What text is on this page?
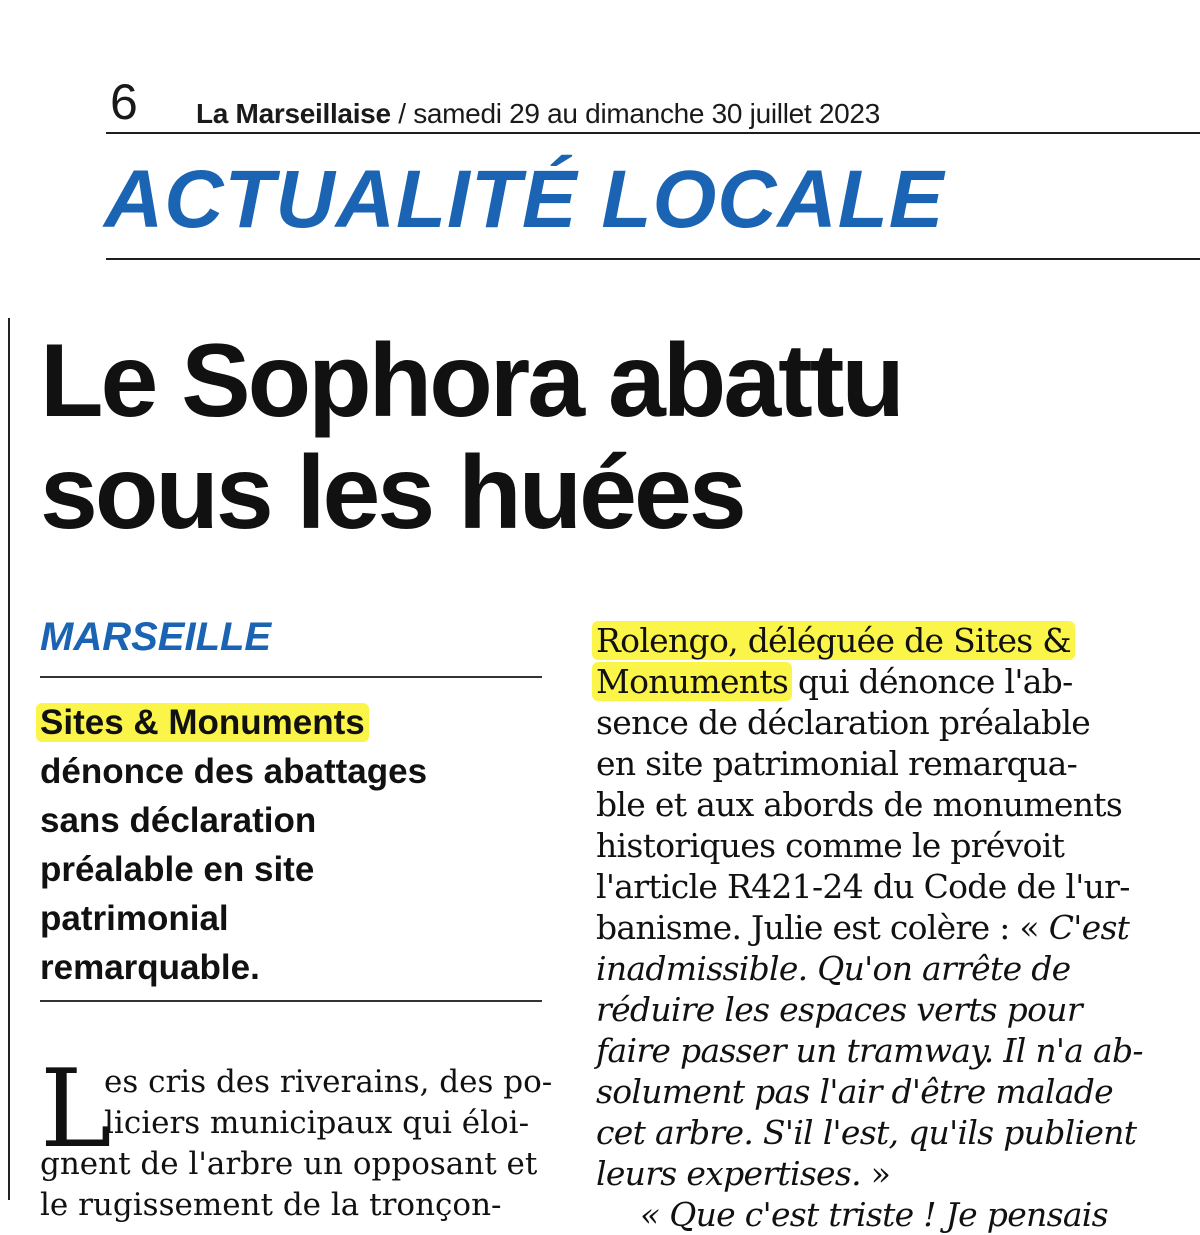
6 La Marseillaise / samedi 29 au dimanche 30 juillet 2023
ACTUALITÉ LOCALE
Le Sophora abattu
sous les huées
MARSEILLE
Sites & Monuments
dénonce des abattages
sans déclaration
préalable en site
patrimonial
remarquable.
L
es cris des riverains, des po-
liciers municipaux qui éloi-
gnent de l'arbre un opposant et
le rugissement de la tronçon-
Rolengo, déléguée de Sites &
Monuments qui dénonce l'ab-
sence de déclaration préalable
en site patrimonial remarqua-
ble et aux abords de monuments
historiques comme le prévoit
l'article R421-24 du Code de l'ur-
banisme. Julie est colère : « C'est
inadmissible. Qu'on arrête de
réduire les espaces verts pour
faire passer un tramway. Il n'a ab-
solument pas l'air d'être malade
cet arbre. S'il l'est, qu'ils publient
leurs expertises. »
« Que c'est triste ! Je pensais
